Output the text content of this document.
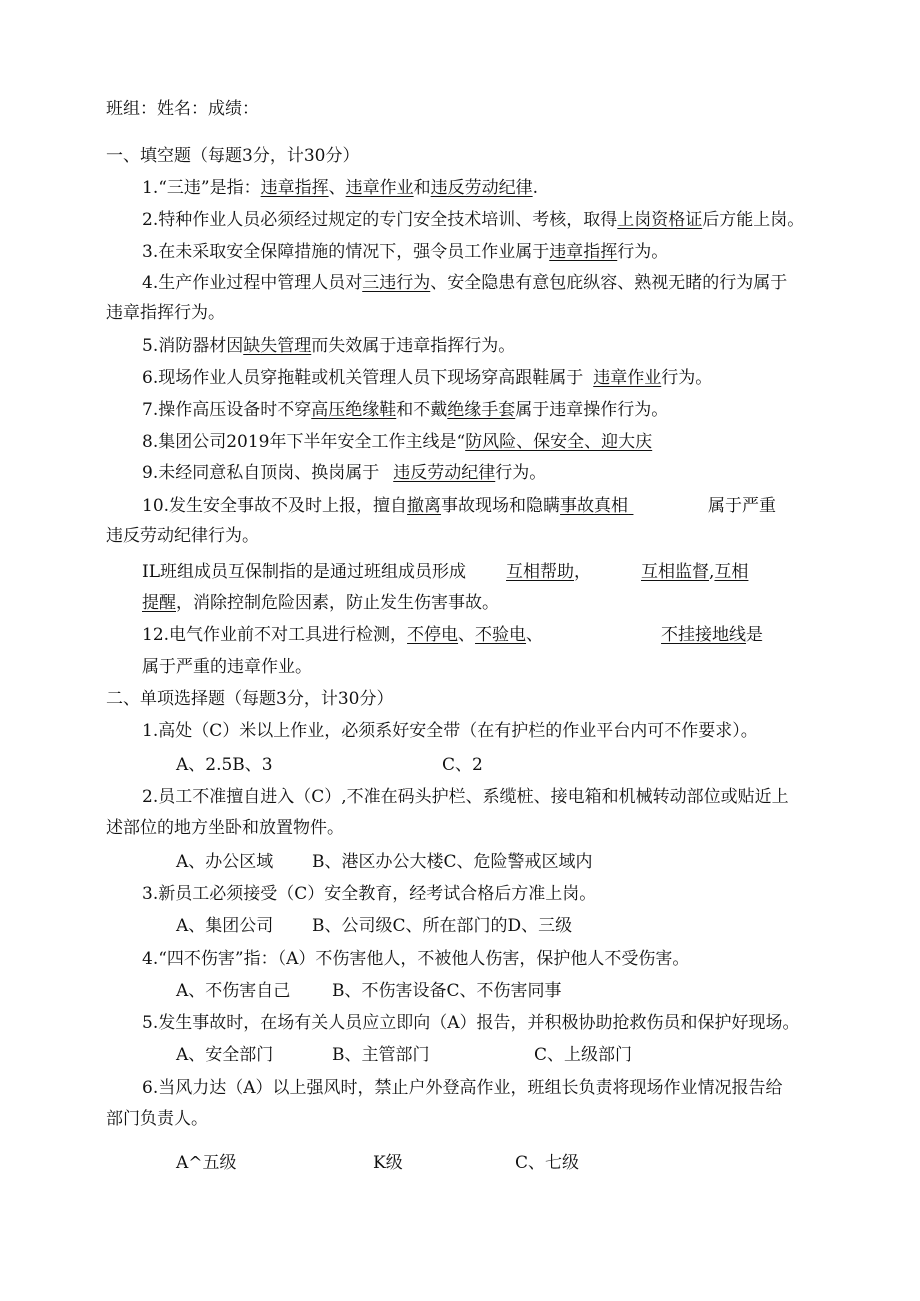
班组：姓名：成绩：
一、填空题（每题3分，计30分）
1.“三违”是指：违章指挥、违章作业和违反劳动纪律.
2.特种作业人员必须经过规定的专门安全技术培训、考核，取得上岗资格证后方能上岗。
3.在未采取安全保障措施的情况下，强令员工作业属于违章指挥行为。
4.生产作业过程中管理人员对三违行为、安全隐患有意包庇纵容、熟视无睹的行为属于
违章指挥行为。
5.消防器材因缺失管理而失效属于违章指挥行为。
6.现场作业人员穿拖鞋或机关管理人员下现场穿高跟鞋属于 违章作业行为。
7.操作高压设备时不穿高压绝缘鞋和不戴绝缘手套属于违章操作行为。
8.集团公司2019年下半年安全工作主线是“防风险、保安全、迎大庆
9.未经同意私自顶岗、换岗属于 违反劳动纪律行为。
10.发生安全事故不及时上报，擅自撤离事故现场和隐瞒事故真相	属于严重
违反劳动纪律行为。
IL班组成员互保制指的是通过班组成员形成 互相帮助，	互相监督,互相
提醒，消除控制危险因素，防止发生伤害事故。
12.电气作业前不对工具进行检测，不停电、不验电、	不挂接地线是
属于严重的违章作业。
二、单项选择题（每题3分，计30分）
1.高处（C）米以上作业，必须系好安全带（在有护栏的作业平台内可不作要求）。
A、2.5B、3	C、2
2.员工不准擅自进入（C）,不准在码头护栏、系缆桩、接电箱和机械转动部位或贴近上
述部位的地方坐卧和放置物件。
A、办公区域 B、港区办公大楼C、危险警戒区域内
3.新员工必须接受（C）安全教育，经考试合格后方准上岗。
A、集团公司 B、公司级C、所在部门的D、三级
4.“四不伤害”指：（A）不伤害他人，不被他人伤害，保护他人不受伤害。
A、不伤害自己 B、不伤害设备C、不伤害同事
5.发生事故时，在场有关人员应立即向（A）报告，并积极协助抢救伤员和保护好现场。
A、安全部门	B、主管部门	C、上级部门
6.当风力达（A）以上强风时，禁止户外登高作业，班组长负责将现场作业情况报告给
部门负责人。
A^五级	K级	C、七级
